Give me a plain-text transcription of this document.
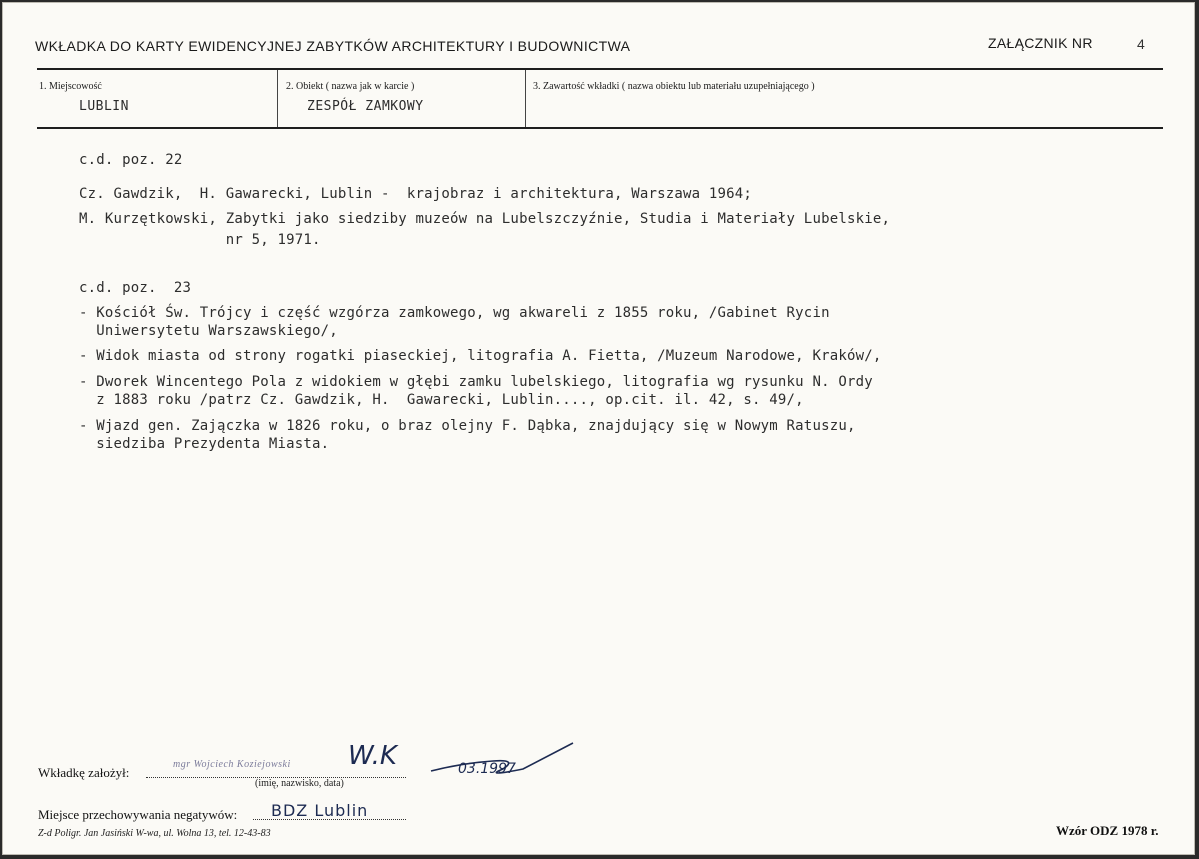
WKŁADKA DO KARTY EWIDENCYJNEJ ZABYTKÓW ARCHITEKTURY I BUDOWNICTWA	ZAŁĄCZNIK NR	4
1. Miejscowość
LUBLIN
2. Obiekt ( nazwa jak w karcie )
ZESPÓŁ ZAMKOWY
3. Zawartość wkładki ( nazwa obiektu lub materiału uzupełniającego )
c.d. poz. 22
Cz. Gawdzik,  H. Gawarecki, Lublin -  krajobraz i architektura, Warszawa 1964;
M. Kurzętkowski, Zabytki jako siedziby muzeów na Lubelszczyźnie, Studia i Materiały Lubelskie,
nr 5, 1971.
c.d. poz.  23
- Kościół Św. Trójcy i część wzgórza zamkowego, wg akwareli z 1855 roku, /Gabinet Rycin
Uniwersytetu Warszawskiego/,
- Widok miasta od strony rogatki piaseckiej, litografia A. Fietta, /Muzeum Narodowe, Kraków/,
- Dworek Wincentego Pola z widokiem w głębi zamku lubelskiego, litografia wg rysunku N. Ordy
z 1883 roku /patrz Cz. Gawdzik, H.  Gawarecki, Lublin...., op.cit. il. 42, s. 49/,
- Wjazd gen. Zajączka w 1826 roku, o braz olejny F. Dąbka, znajdujący się w Nowym Ratuszu,
siedziba Prezydenta Miasta.
Wkładkę założył:
mgr Wojciech Koziejowski W.K	03.1997
(imię, nazwisko, data)
Miejsce przechowywania negatywów: BDZ Lublin
Z-d Poligr. Jan Jasiński W-wa, ul. Wolna 13, tel. 12-43-83	Wzór ODZ 1978 r.
